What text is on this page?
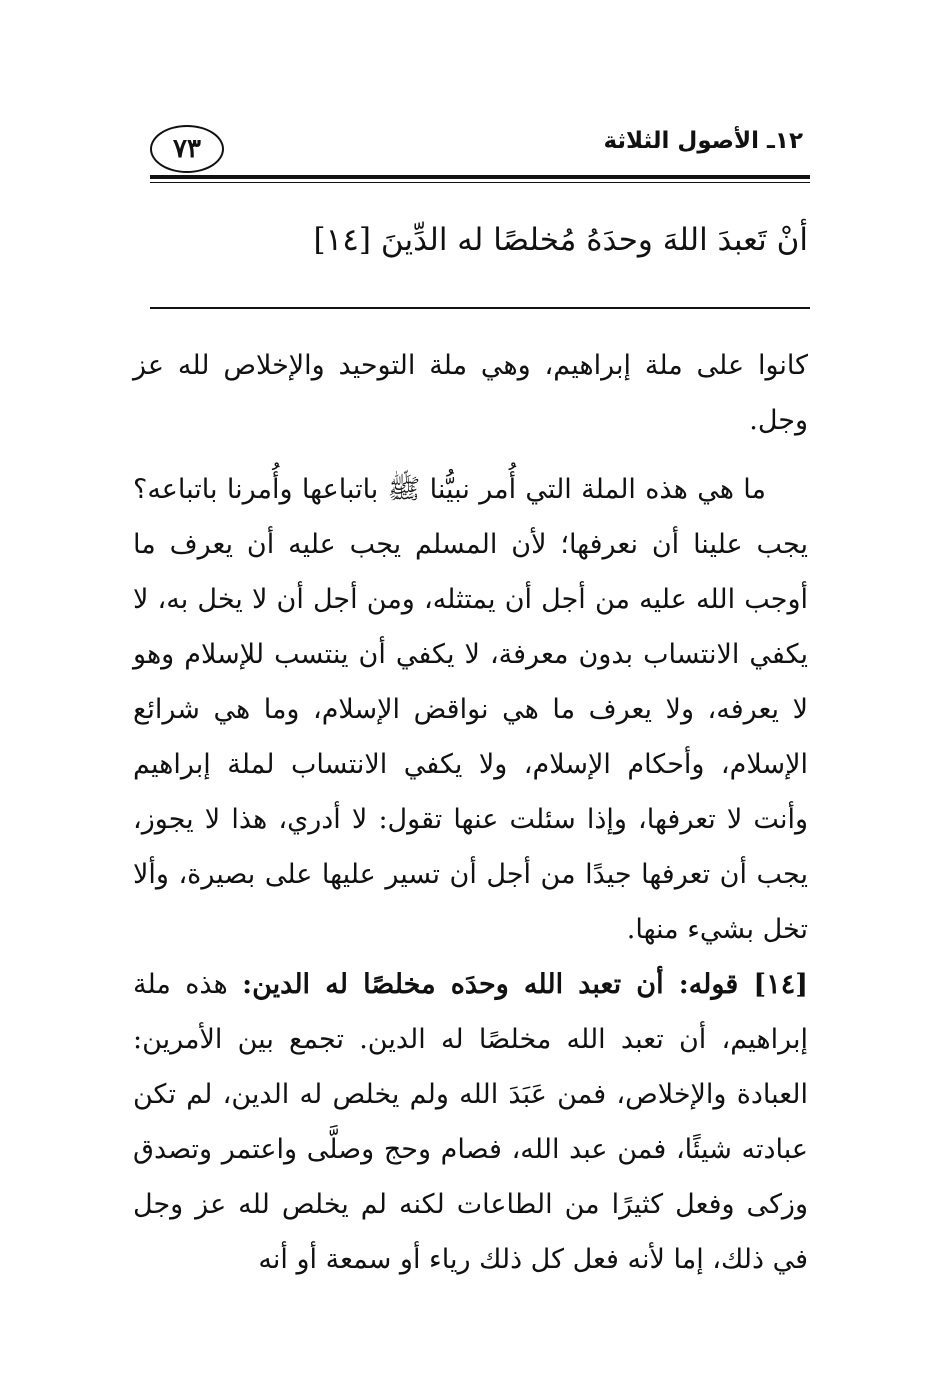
١٢ـ الأصول الثلاثة
٧٣
أنْ تَعبدَ اللهَ وحدَهُ مُخلصًا له الدِّينَ [١٤]

كانوا على ملة إبراهيم، وهي ملة التوحيد والإخلاص لله عز وجل.

ما هي هذه الملة التي أُمر نبيُّنا ﷺ باتباعها وأُمرنا باتباعه؟ يجب علينا أن نعرفها؛ لأن المسلم يجب عليه أن يعرف ما أوجب الله عليه من أجل أن يمتثله، ومن أجل أن لا يخل به، لا يكفي الانتساب بدون معرفة، لا يكفي أن ينتسب للإسلام وهو لا يعرفه، ولا يعرف ما هي نواقض الإسلام، وما هي شرائع الإسلام، وأحكام الإسلام، ولا يكفي الانتساب لملة إبراهيم وأنت لا تعرفها، وإذا سئلت عنها تقول: لا أدري، هذا لا يجوز، يجب أن تعرفها جيدًا من أجل أن تسير عليها على بصيرة، وألا تخل بشيء منها.

[١٤] قوله: أن تعبد الله وحدَه مخلصًا له الدين: هذه ملة إبراهيم، أن تعبد الله مخلصًا له الدين. تجمع بين الأمرين: العبادة والإخلاص، فمن عَبَدَ الله ولم يخلص له الدين، لم تكن عبادته شيئًا، فمن عبد الله، فصام وحج وصلَّى واعتمر وتصدق وزكى وفعل كثيرًا من الطاعات لكنه لم يخلص لله عز وجل في ذلك، إما لأنه فعل كل ذلك رياء أو سمعة أو أنه
